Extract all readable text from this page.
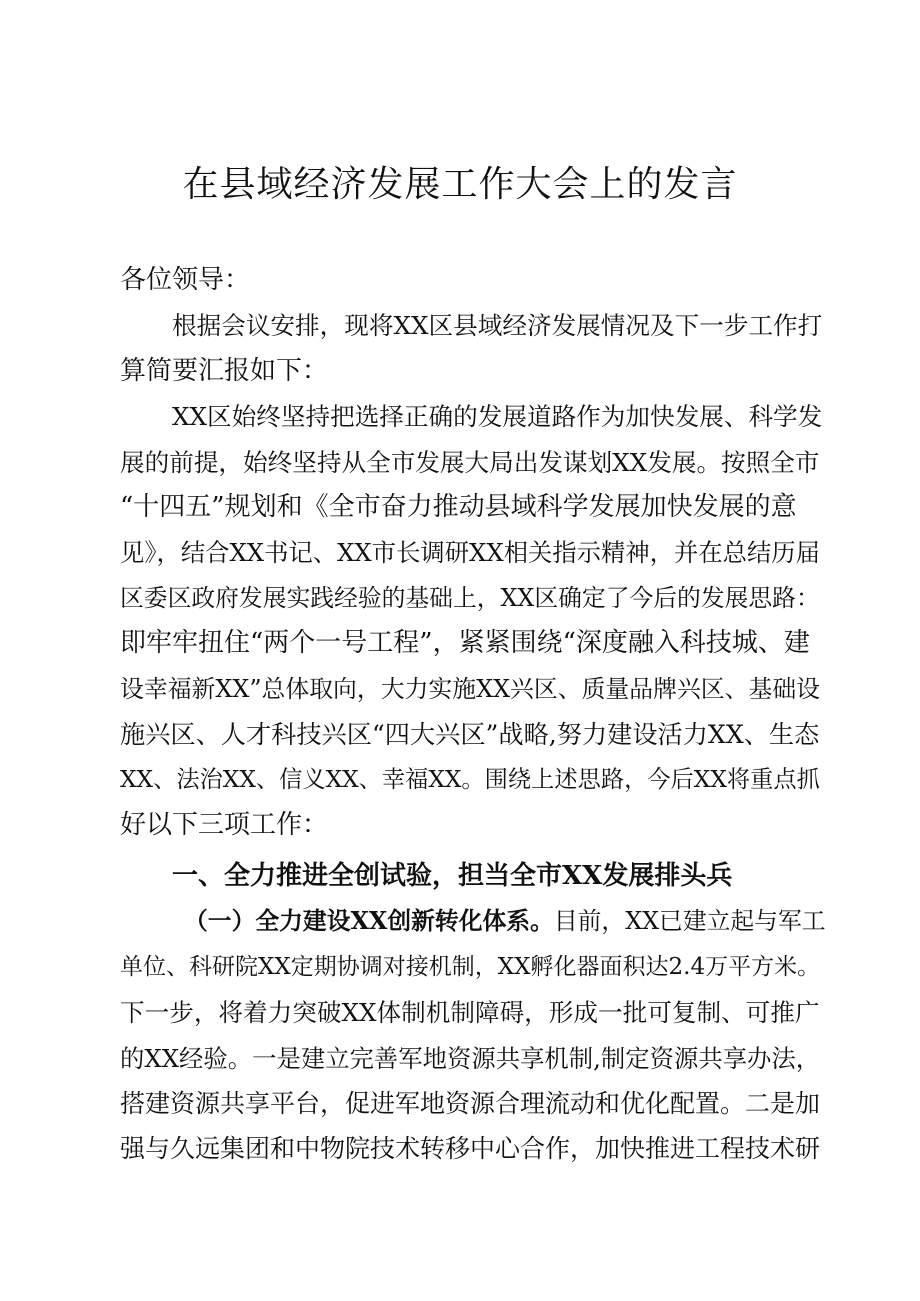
在县域经济发展工作大会上的发言
各位领导：
根据会议安排，现将XX区县域经济发展情况及下一步工作打
算简要汇报如下：
XX区始终坚持把选择正确的发展道路作为加快发展、科学发
展的前提，始终坚持从全市发展大局出发谋划XX发展。按照全市
“十四五”规划和《全市奋力推动县域科学发展加快发展的意
见》，结合XX书记、XX市长调研XX相关指示精神，并在总结历届
区委区政府发展实践经验的基础上，XX区确定了今后的发展思路：
即牢牢扭住“两个一号工程”，紧紧围绕“深度融入科技城、建
设幸福新XX”总体取向，大力实施XX兴区、质量品牌兴区、基础设
施兴区、人才科技兴区“四大兴区”战略,努力建设活力XX、生态
XX、法治XX、信义XX、幸福XX。围绕上述思路，今后XX将重点抓
好以下三项工作：
一、全力推进全创试验，担当全市XX发展排头兵
（一）全力建设XX创新转化体系。目前，XX已建立起与军工
单位、科研院XX定期协调对接机制，XX孵化器面积达2.4万平方米。
下一步，将着力突破XX体制机制障碍，形成一批可复制、可推广
的XX经验。一是建立完善军地资源共享机制,制定资源共享办法，
搭建资源共享平台，促进军地资源合理流动和优化配置。二是加
强与久远集团和中物院技术转移中心合作，加快推进工程技术研
